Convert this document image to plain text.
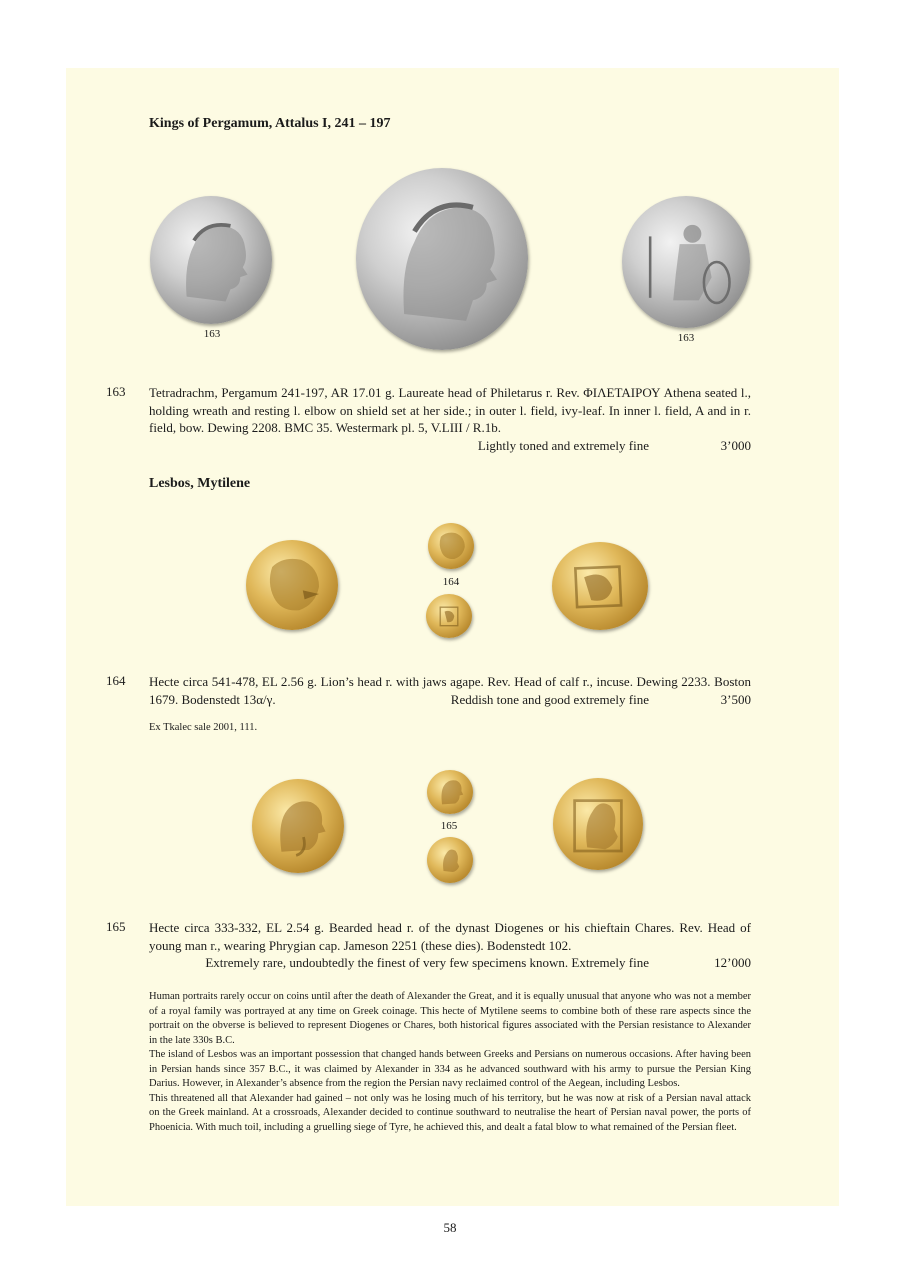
Kings of Pergamum, Attalus I, 241 – 197
163	163
163 Tetradrachm, Pergamum 241-197, AR 17.01 g. Laureate head of Philetarus r. Rev. ΦΙΛΕΤΑΙΡΟΥ Athena seated l., holding wreath and resting l. elbow on shield set at her side.; in outer l. field, ivy-leaf. In inner l. field, A and in r. field, bow. Dewing 2208. BMC 35. Westermark pl. 5, V.LIII / R.1b.
Lightly toned and extremely fine	3’000
Lesbos, Mytilene
164
164 Hecte circa 541-478, EL 2.56 g. Lion’s head r. with jaws agape. Rev. Head of calf r., incuse. Dewing 2233. Boston 1679. Bodenstedt 13α/γ.	Reddish tone and good extremely fine	3’500
Ex Tkalec sale 2001, 111.
165
165 Hecte circa 333-332, EL 2.54 g. Bearded head r. of the dynast Diogenes or his chieftain Chares. Rev. Head of young man r., wearing Phrygian cap. Jameson 2251 (these dies). Bodenstedt 102.
Extremely rare, undoubtedly the finest of very few specimens known. Extremely fine	12’000

Human portraits rarely occur on coins until after the death of Alexander the Great, and it is equally unusual that anyone who was not a member of a royal family was portrayed at any time on Greek coinage. This hecte of Mytilene seems to combine both of these rare aspects since the portrait on the obverse is believed to represent Diogenes or Chares, both historical figures associated with the Persian resistance to Alexander in the late 330s B.C.

The island of Lesbos was an important possession that changed hands between Greeks and Persians on numerous occasions. After having been in Persian hands since 357 B.C., it was claimed by Alexander in 334 as he advanced southward with his army to pursue the Persian King Darius. However, in Alexander’s absence from the region the Persian navy reclaimed control of the Aegean, including Lesbos.

This threatened all that Alexander had gained – not only was he losing much of his territory, but he was now at risk of a Persian naval attack on the Greek mainland. At a crossroads, Alexander decided to continue southward to neutralise the heart of Persian naval power, the ports of Phoenicia. With much toil, including a gruelling siege of Tyre, he achieved this, and dealt a fatal blow to what remained of the Persian fleet.

58
